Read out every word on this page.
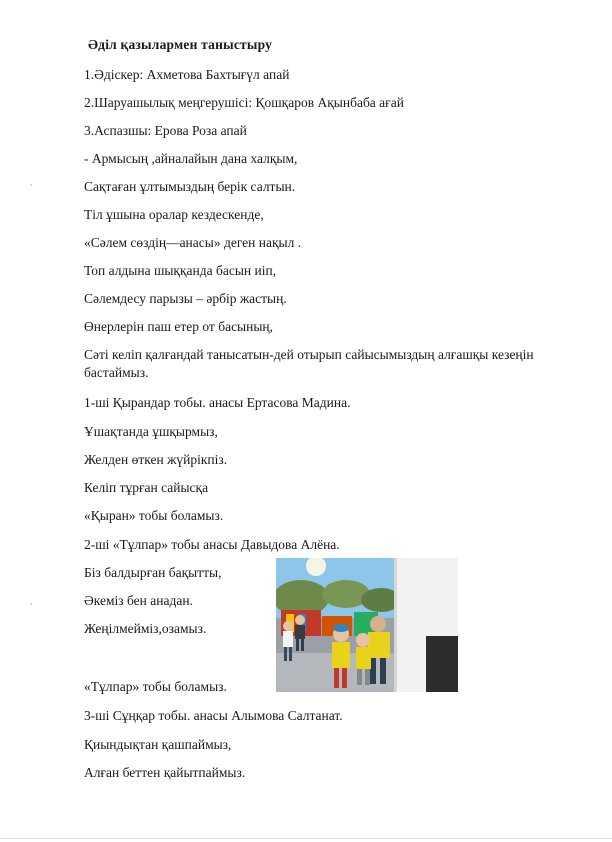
Әділ қазылармен таныстыру
1.Әдіскер: Ахметова Бахтығүл апай
2.Шаруашылық меңгерушісі: Қошқаров Ақынбаба ағай
3.Аспазшы: Ерова Роза апай
- Армысың ,айналайын дана халқым,
Сақтаған ұлтымыздың берік салтын.
Тіл ұшына оралар кездескенде,
«Сәлем сөздің—анасы» деген нақыл .
Топ алдына шыққанда басын иіп,
Сәлемдесу парызы – әрбір жастың.
Өнерлерін паш етер от басының,
Сәті келіп қалғандай танысатын-дей отырып сайысымыздың алғашқы кезеңін бастаймыз.
1-ші Қырандар тобы. анасы Ертасова Мадина.
Ұшақтанда ұшқырмыз,
Желден өткен жүйрікпіз.
Келіп тұрған сайысқа
«Қыран» тобы боламыз.
2-ші «Тұлпар» тобы анасы Давыдова Алёна.
Біз балдырған бақытты,
Әкеміз бен анадан.
Жеңілмейміз,озамыз.
«Тұлпар» тобы боламыз.
3-ші Сұңқар тобы. анасы Алымова Салтанат.
Қиындықтан қашпаймыз,
Алған беттен қайытпаймыз.
